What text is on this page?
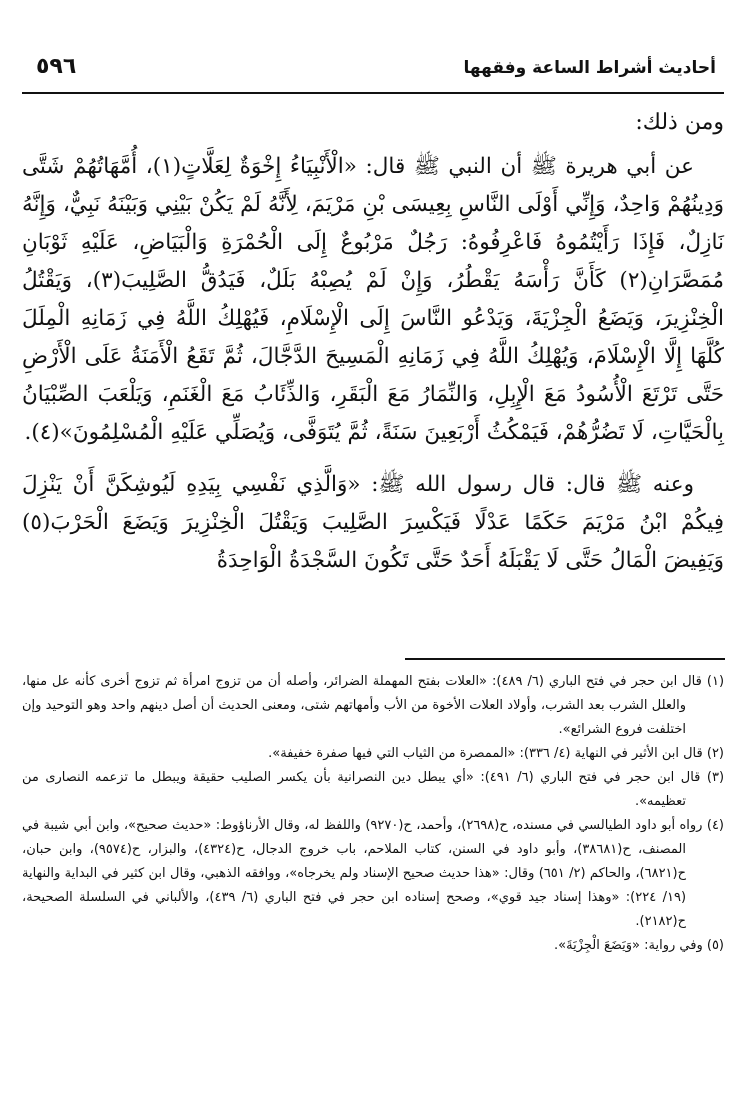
أحاديث أشراط الساعة وفقهها
٥٩٦
ومن ذلك:

عن أبي هريرة ﷺ أن النبي ﷺ قال: «الْأَنْبِيَاءُ إِخْوَةٌ لِعَلَّاتٍ(١)، أُمَّهَاتُهُمْ شَتَّى وَدِينُهُمْ وَاحِدٌ، وَإِنِّي أَوْلَى النَّاسِ بِعِيسَى بْنِ مَرْيَمَ، لِأَنَّهُ لَمْ يَكُنْ بَيْنِي وَبَيْنَهُ نَبِيٌّ، وَإِنَّهُ نَازِلٌ، فَإِذَا رَأَيْتُمُوهُ فَاعْرِفُوهُ: رَجُلٌ مَرْبُوعٌ إِلَى الْحُمْرَةِ وَالْبَيَاضِ، عَلَيْهِ ثَوْبَانِ مُمَصَّرَانِ(٢) كَأَنَّ رَأْسَهُ يَقْطُرُ، وَإِنْ لَمْ يُصِبْهُ بَلَلٌ، فَيَدُقُّ الصَّلِيبَ(٣)، وَيَقْتُلُ الْخِنْزِيرَ، وَيَضَعُ الْجِزْيَةَ، وَيَدْعُو النَّاسَ إِلَى الْإِسْلَامِ، فَيُهْلِكُ اللَّهُ فِي زَمَانِهِ الْمِلَلَ كُلَّهَا إِلَّا الْإِسْلَامَ، وَيُهْلِكُ اللَّهُ فِي زَمَانِهِ الْمَسِيحَ الدَّجَّالَ، ثُمَّ تَقَعُ الْأَمَنَةُ عَلَى الْأَرْضِ حَتَّى تَرْتَعَ الْأُسُودُ مَعَ الْإِبِلِ، وَالنِّمَارُ مَعَ الْبَقَرِ، وَالذِّئَابُ مَعَ الْغَنَمِ، وَيَلْعَبَ الصِّبْيَانُ بِالْحَيَّاتِ، لَا تَضُرُّهُمْ، فَيَمْكُثُ أَرْبَعِينَ سَنَةً، ثُمَّ يُتَوَفَّى، وَيُصَلِّي عَلَيْهِ الْمُسْلِمُونَ»(٤).

وعنه ﷺ قال: قال رسول الله ﷺ: «وَالَّذِي نَفْسِي بِيَدِهِ لَيُوشِكَنَّ أَنْ يَنْزِلَ فِيكُمْ ابْنُ مَرْيَمَ حَكَمًا عَدْلًا فَيَكْسِرَ الصَّلِيبَ وَيَقْتُلَ الْخِنْزِيرَ وَيَضَعَ الْحَرْبَ(٥) وَيَفِيضَ الْمَالُ حَتَّى لَا يَقْبَلَهُ أَحَدٌ حَتَّى تَكُونَ السَّجْدَةُ الْوَاحِدَةُ

(١) قال ابن حجر في فتح الباري (٦/ ٤٨٩): «العلات بفتح المهملة الضرائر، وأصله أن من تزوج امرأة ثم تزوج أخرى كأنه عل منها، والعلل الشرب بعد الشرب، وأولاد العلات الأخوة من الأب وأمهاتهم شتى، ومعنى الحديث أن أصل دينهم واحد وهو التوحيد وإن اختلفت فروع الشرائع».

(٢) قال ابن الأثير في النهاية (٤/ ٣٣٦): «الممصرة من الثياب التي فيها صفرة خفيفة».

(٣) قال ابن حجر في فتح الباري (٦/ ٤٩١): «أي يبطل دين النصرانية بأن يكسر الصليب حقيقة ويبطل ما تزعمه النصارى من تعظيمه».

(٤) رواه أبو داود الطيالسي في مسنده، ح(٢٦٩٨)، وأحمد، ح(٩٢٧٠) واللفظ له، وقال الأرناؤوط: «حديث صحيح»، وابن أبي شيبة في المصنف، ح(٣٨٦٨١)، وأبو داود في السنن، كتاب الملاحم، باب خروج الدجال، ح(٤٣٢٤)، والبزار، ح(٩٥٧٤)، وابن حبان، ح(٦٨٢١)، والحاكم (٢/ ٦٥١) وقال: «هذا حديث صحيح الإسناد ولم يخرجاه»، ووافقه الذهبي، وقال ابن كثير في البداية والنهاية (١٩/ ٢٢٤): «وهذا إسناد جيد قوي»، وصحح إسناده ابن حجر في فتح الباري (٦/ ٤٣٩)، والألباني في السلسلة الصحيحة، ح(٢١٨٢).

(٥) وفي رواية: «وَيَضَعَ الْجِزْيَةَ».
